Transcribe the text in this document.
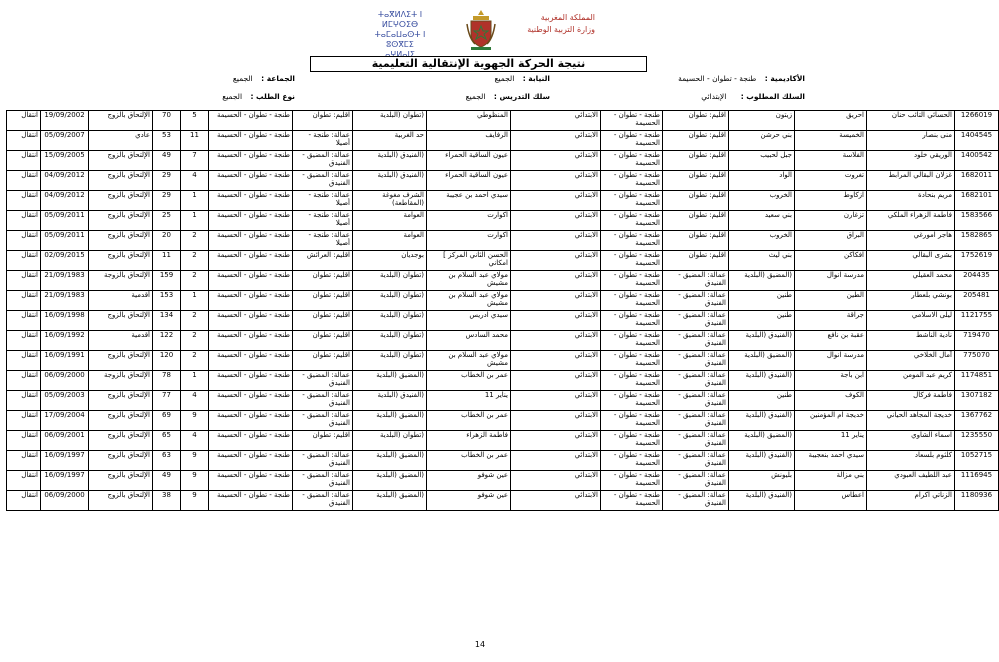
ⵜⴰⴳⵍⴷⵉⵜ ⵏ ⵍⵎⵖⵔⵉⴱ
ⵜⴰⵎⴰⵡⴰⵙⵜ ⵏ ⵓⵙⴳⵎⵉ
ⴰⵖⵍⴰⵏⵉ
المملكة المغربية
وزارة التربية الوطنية
نتيجة الحركة الجهوية الإنتقالية التعليمية
الأكاديمية : طنجة - تطوان - الحسيمة
النيابة : الجميع
الجماعة : الجميع
السلك المطلوب : الإبتدائي
سلك التدريس : الجميع
نوع الطلب : الجميع
1266019	الحسائي التائب حنان	احريق	زيتون	اقليم: تطوان	طنجة - تطوان - الحسيمة	الابتدائي	المنظوطي	(تطوان (البلدية	اقليم: تطوان	طنجة - تطوان - الحسيمة	5	70	الإلتحاق بالزوج	19/09/2002	انتقال
1404545	منى بنصار	الخميسة	بني حرشن	اقليم: تطوان	طنجة - تطوان - الحسيمة	الابتدائي	الرفايف	حد الغربية	عمالة: طنجة - أصيلا	طنجة - تطوان - الحسيمة	11	53	عادي	05/09/2007	انتقال
1400542	الوريقي خلود	الفلاسة	جبل لحبيب	اقليم: تطوان	طنجة - تطوان - الحسيمة	الابتدائي	عيون الساقية الحمراء	(الفنيدق (البلدية	عمالة: المضيق - الفنيدق	طنجة - تطوان - الحسيمة	7	49	الإلتحاق بالزوج	15/09/2005	انتقال
1682011	غزلان البقالي المرابط	تغروت	الواد	اقليم: تطوان	طنجة - تطوان - الحسيمة	الابتدائي	عيون الساقية الحمراء	(الفنيدق (البلدية	عمالة: المضيق - الفنيدق	طنجة - تطوان - الحسيمة	4	29	الإلتحاق بالزوج	04/09/2012	انتقال
1682101	مريم بنحادة	ازكاوط	الخروب	اقليم: تطوان	طنجة - تطوان - الحسيمة	الابتدائي	سيدي احمد بن عجيبة	الشرف مغوغة (المقاطعة)	عمالة: طنجة - أصيلا	طنجة - تطوان - الحسيمة	1	29	الإلتحاق بالزوج	04/09/2012	انتقال
1583566	فاطمة الزهراء الملكي	تزغارن	بني سعيد	اقليم: تطوان	طنجة - تطوان - الحسيمة	الابتدائي	اكوارت	العوامة	عمالة: طنجة - أصيلا	طنجة - تطوان - الحسيمة	1	25	الإلتحاق بالزوج	05/09/2011	انتقال
1582865	هاجر امورغي	البراق	الخروب	اقليم: تطوان	طنجة - تطوان - الحسيمة	الابتدائي	اكوارت	العوامة	عمالة: طنجة - أصيلا	طنجة - تطوان - الحسيمة	2	20	الإلتحاق بالزوج	05/09/2011	انتقال
1752619	بشرى البقالي	افكاكن	بني ليث	اقليم: تطوان	طنجة - تطوان - الحسيمة	الابتدائي	الحسن الثاني المركز ] امكاني	بوجديان	اقليم: العرائش	طنجة - تطوان - الحسيمة	2	11	الإلتحاق بالزوج	02/09/2015	انتقال
204435	محمد العقيلي	مدرسة انوال	(المضيق (البلدية	عمالة: المضيق - الفنيدق	طنجة - تطوان - الحسيمة	الابتدائي	مولاي عبد السلام بن مشيش	(تطوان (البلدية	اقليم: تطوان	طنجة - تطوان - الحسيمة	2	159	الإلتحاق بالزوجة	21/09/1983	انتقال
205481	بونشي بلعطار	الطين	طنين	عمالة: المضيق - الفنيدق	طنجة - تطوان - الحسيمة	الابتدائي	مولاي عبد السلام بن مشيش	(تطوان (البلدية	اقليم: تطوان	طنجة - تطوان - الحسيمة	1	153	أقدمية	21/09/1983	انتقال
1121755	ليلى الاسلامي	جراقة	طنين	عمالة: المضيق - الفنيدق	طنجة - تطوان - الحسيمة	الابتدائي	سيدي ادريس	(تطوان (البلدية	اقليم: تطوان	طنجة - تطوان - الحسيمة	2	134	الإلتحاق بالزوج	16/09/1998	انتقال
719470	نادية الناشط	عقبة بن نافع	(الفنيدق (البلدية	عمالة: المضيق - الفنيدق	طنجة - تطوان - الحسيمة	الابتدائي	محمد السادس	(تطوان (البلدية	اقليم: تطوان	طنجة - تطوان - الحسيمة	2	122	أقدمية	16/09/1992	انتقال
775070	آمال الخلاخي	مدرسة انوال	(المضيق (البلدية	عمالة: المضيق - الفنيدق	طنجة - تطوان - الحسيمة	الابتدائي	مولاي عبد السلام بن مشيش	(تطوان (البلدية	اقليم: تطوان	طنجة - تطوان - الحسيمة	2	120	الإلتحاق بالزوج	16/09/1991	انتقال
1174851	كريم عبد المومن	ابن باجة	(الفنيدق (البلدية	عمالة: المضيق - الفنيدق	طنجة - تطوان - الحسيمة	الابتدائي	عمر بن الخطاب	(المضيق (البلدية	عمالة: المضيق - الفنيدق	طنجة - تطوان - الحسيمة	1	78	الإلتحاق بالزوجة	06/09/2000	انتقال
1307182	فاطمة فركال	الكوف	طنين	عمالة: المضيق - الفنيدق	طنجة - تطوان - الحسيمة	الابتدائي	يناير 11	(الفنيدق (البلدية	عمالة: المضيق - الفنيدق	طنجة - تطوان - الحسيمة	4	77	الإلتحاق بالزوج	05/09/2003	انتقال
1367762	خديجة المجاهد الحياني	خديجة ام المؤمنين	(الفنيدق (البلدية	عمالة: المضيق - الفنيدق	طنجة - تطوان - الحسيمة	الابتدائي	عمر بن الخطاب	(المضيق (البلدية	عمالة: المضيق - الفنيدق	طنجة - تطوان - الحسيمة	9	69	الإلتحاق بالزوج	17/09/2004	انتقال
1235550	اسماء الشاوي	يناير 11	(المضيق (البلدية	عمالة: المضيق - الفنيدق	طنجة - تطوان - الحسيمة	الابتدائي	فاطمة الزهراء	(تطوان (البلدية	اقليم: تطوان	طنجة - تطوان - الحسيمة	4	65	الإلتحاق بالزوج	06/09/2001	انتقال
1052715	كلثوم بلسعاد	سيدي احمد بنعجيبة	(الفنيدق (البلدية	عمالة: المضيق - الفنيدق	طنجة - تطوان - الحسيمة	الابتدائي	عمر بن الخطاب	(المضيق (البلدية	عمالة: المضيق - الفنيدق	طنجة - تطوان - الحسيمة	9	63	الإلتحاق بالزوج	16/09/1997	انتقال
1116945	عبد اللطيف العبودي	بني مزالة	بليونش	عمالة: المضيق - الفنيدق	طنجة - تطوان - الحسيمة	الابتدائي	عين شوفو	(المضيق (البلدية	عمالة: المضيق - الفنيدق	طنجة - تطوان - الحسيمة	9	49	الإلتحاق بالزوج	16/09/1997	انتقال
1180936	الزناتي اكرام	اعطاس	(الفنيدق (البلدية	عمالة: المضيق - الفنيدق	طنجة - تطوان - الحسيمة	الابتدائي	عين شوفو	(المضيق (البلدية	عمالة: المضيق - الفنيدق	طنجة - تطوان - الحسيمة	9	38	الإلتحاق بالزوج	06/09/2000	انتقال
14
